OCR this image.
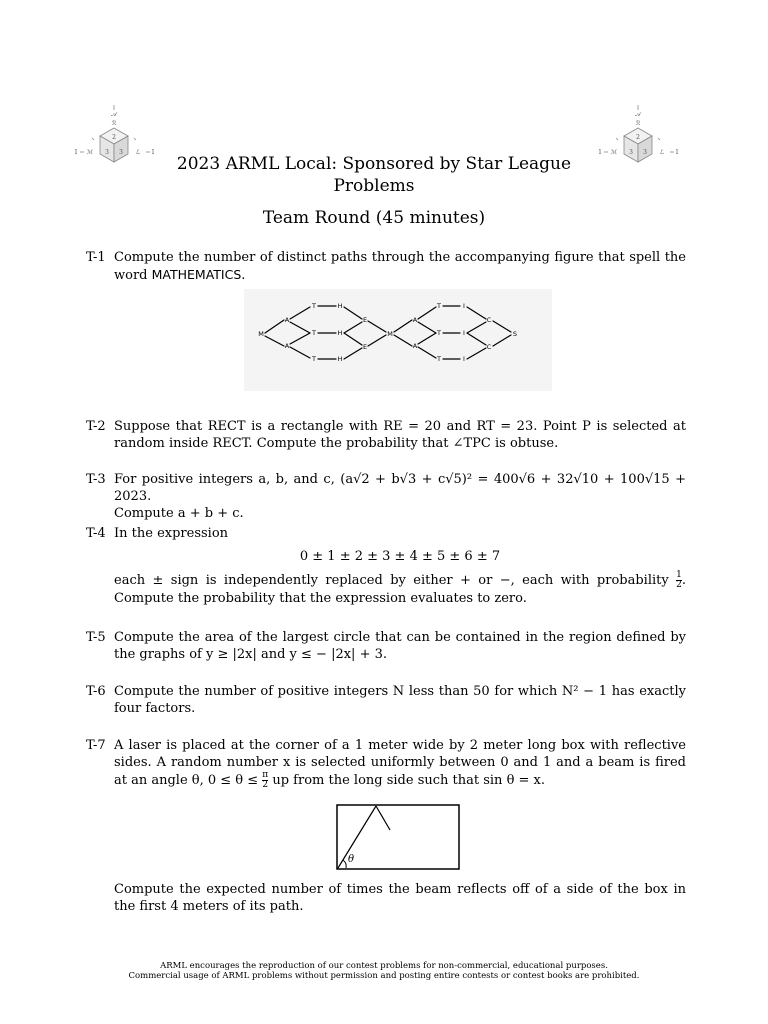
𝒜
ℛ
2
3 3
ℳ	ℒ
1	1
𝒜
ℛ
2
3 3
ℳ	ℒ
1	1
2023 ARML Local: Sponsored by Star League
Problems
Team Round (45 minutes)
T-1 Compute the number of distinct paths through the accompanying figure that spell the word MATHEMATICS.
M
A
A
T
T
T
H
H
H
E
E
M
A
A
T
T
T
I
I
I
C
C
S
T-2 Suppose that RECT is a rectangle with RE = 20 and RT = 23. Point P is selected at random inside RECT. Compute the probability that ∠TPC is obtuse.
T-3 For positive integers a, b, and c, (a√2 + b√3 + c√5)² = 400√6 + 32√10 + 100√15 + 2023.
Compute a + b + c.
T-4 In the expression
0 ± 1 ± 2 ± 3 ± 4 ± 5 ± 6 ± 7
each ± sign is independently replaced by either + or −, each with probability $\frac{1}{2}$ . Compute the probability that the expression evaluates to zero.
T-5 Compute the area of the largest circle that can be contained in the region defined by the graphs of y ≥ |2x| and y ≤ − |2x| + 3.
T-6 Compute the number of positive integers N less than 50 for which N² − 1 has exactly four factors.
T-7 A laser is placed at the corner of a 1 meter wide by 2 meter long box with reflective sides. A random number x is selected uniformly between 0 and 1 and a beam is fired at an angle θ, $0 \le \theta \le \frac{\pi}{2}$ up from the long side such that sin θ = x.
θ
Compute the expected number of times the beam reflects off of a side of the box in the first 4 meters of its path.
ARML encourages the reproduction of our contest problems for non-commercial, educational purposes.
Commercial usage of ARML problems without permission and posting entire contests or contest books are prohibited.
